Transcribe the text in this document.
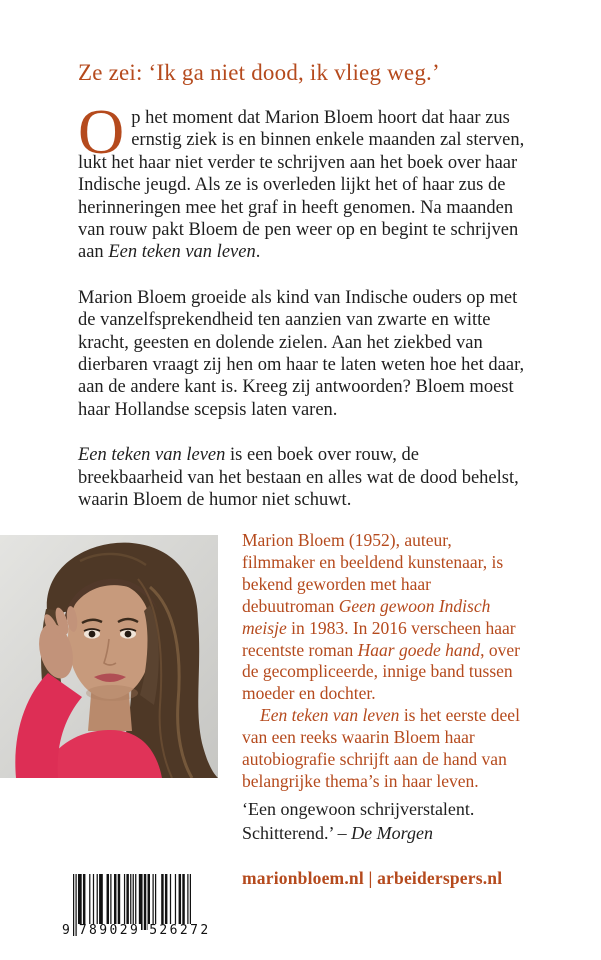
Ze zei: ‘Ik ga niet dood, ik vlieg weg.’

Op het moment dat Marion Bloem hoort dat haar zus ernstig ziek is en binnen enkele maanden zal sterven, lukt het haar niet verder te schrijven aan het boek over haar Indische jeugd. Als ze is overleden lijkt het of haar zus de herinneringen mee het graf in heeft genomen. Na maanden van rouw pakt Bloem de pen weer op en begint te schrijven aan Een teken van leven.

Marion Bloem groeide als kind van Indische ouders op met de vanzelfsprekendheid ten aanzien van zwarte en witte kracht, geesten en dolende zielen. Aan het ziekbed van dierbaren vraagt zij hen om haar te laten weten hoe het daar, aan de andere kant is. Kreeg zij antwoorden? Bloem moest haar Hollandse scepsis laten varen.

Een teken van leven is een boek over rouw, de breekbaarheid van het bestaan en alles wat de dood behelst, waarin Bloem de humor niet schuwt.

Marion Bloem (1952), auteur, filmmaker en beeldend kunstenaar, is bekend geworden met haar debuutroman Geen gewoon Indisch meisje in 1983. In 2016 verscheen haar recentste roman Haar goede hand, over de gecompliceerde, innige band tussen moeder en dochter.

Een teken van leven is het eerste deel van een reeks waarin Bloem haar autobiografie schrijft aan de hand van belangrijke thema’s in haar leven.

‘Een ongewoon schrijverstalent. Schitterend.’ – De Morgen
marionbloem.nl | arbeiderspers.nl
9 789029 526272
